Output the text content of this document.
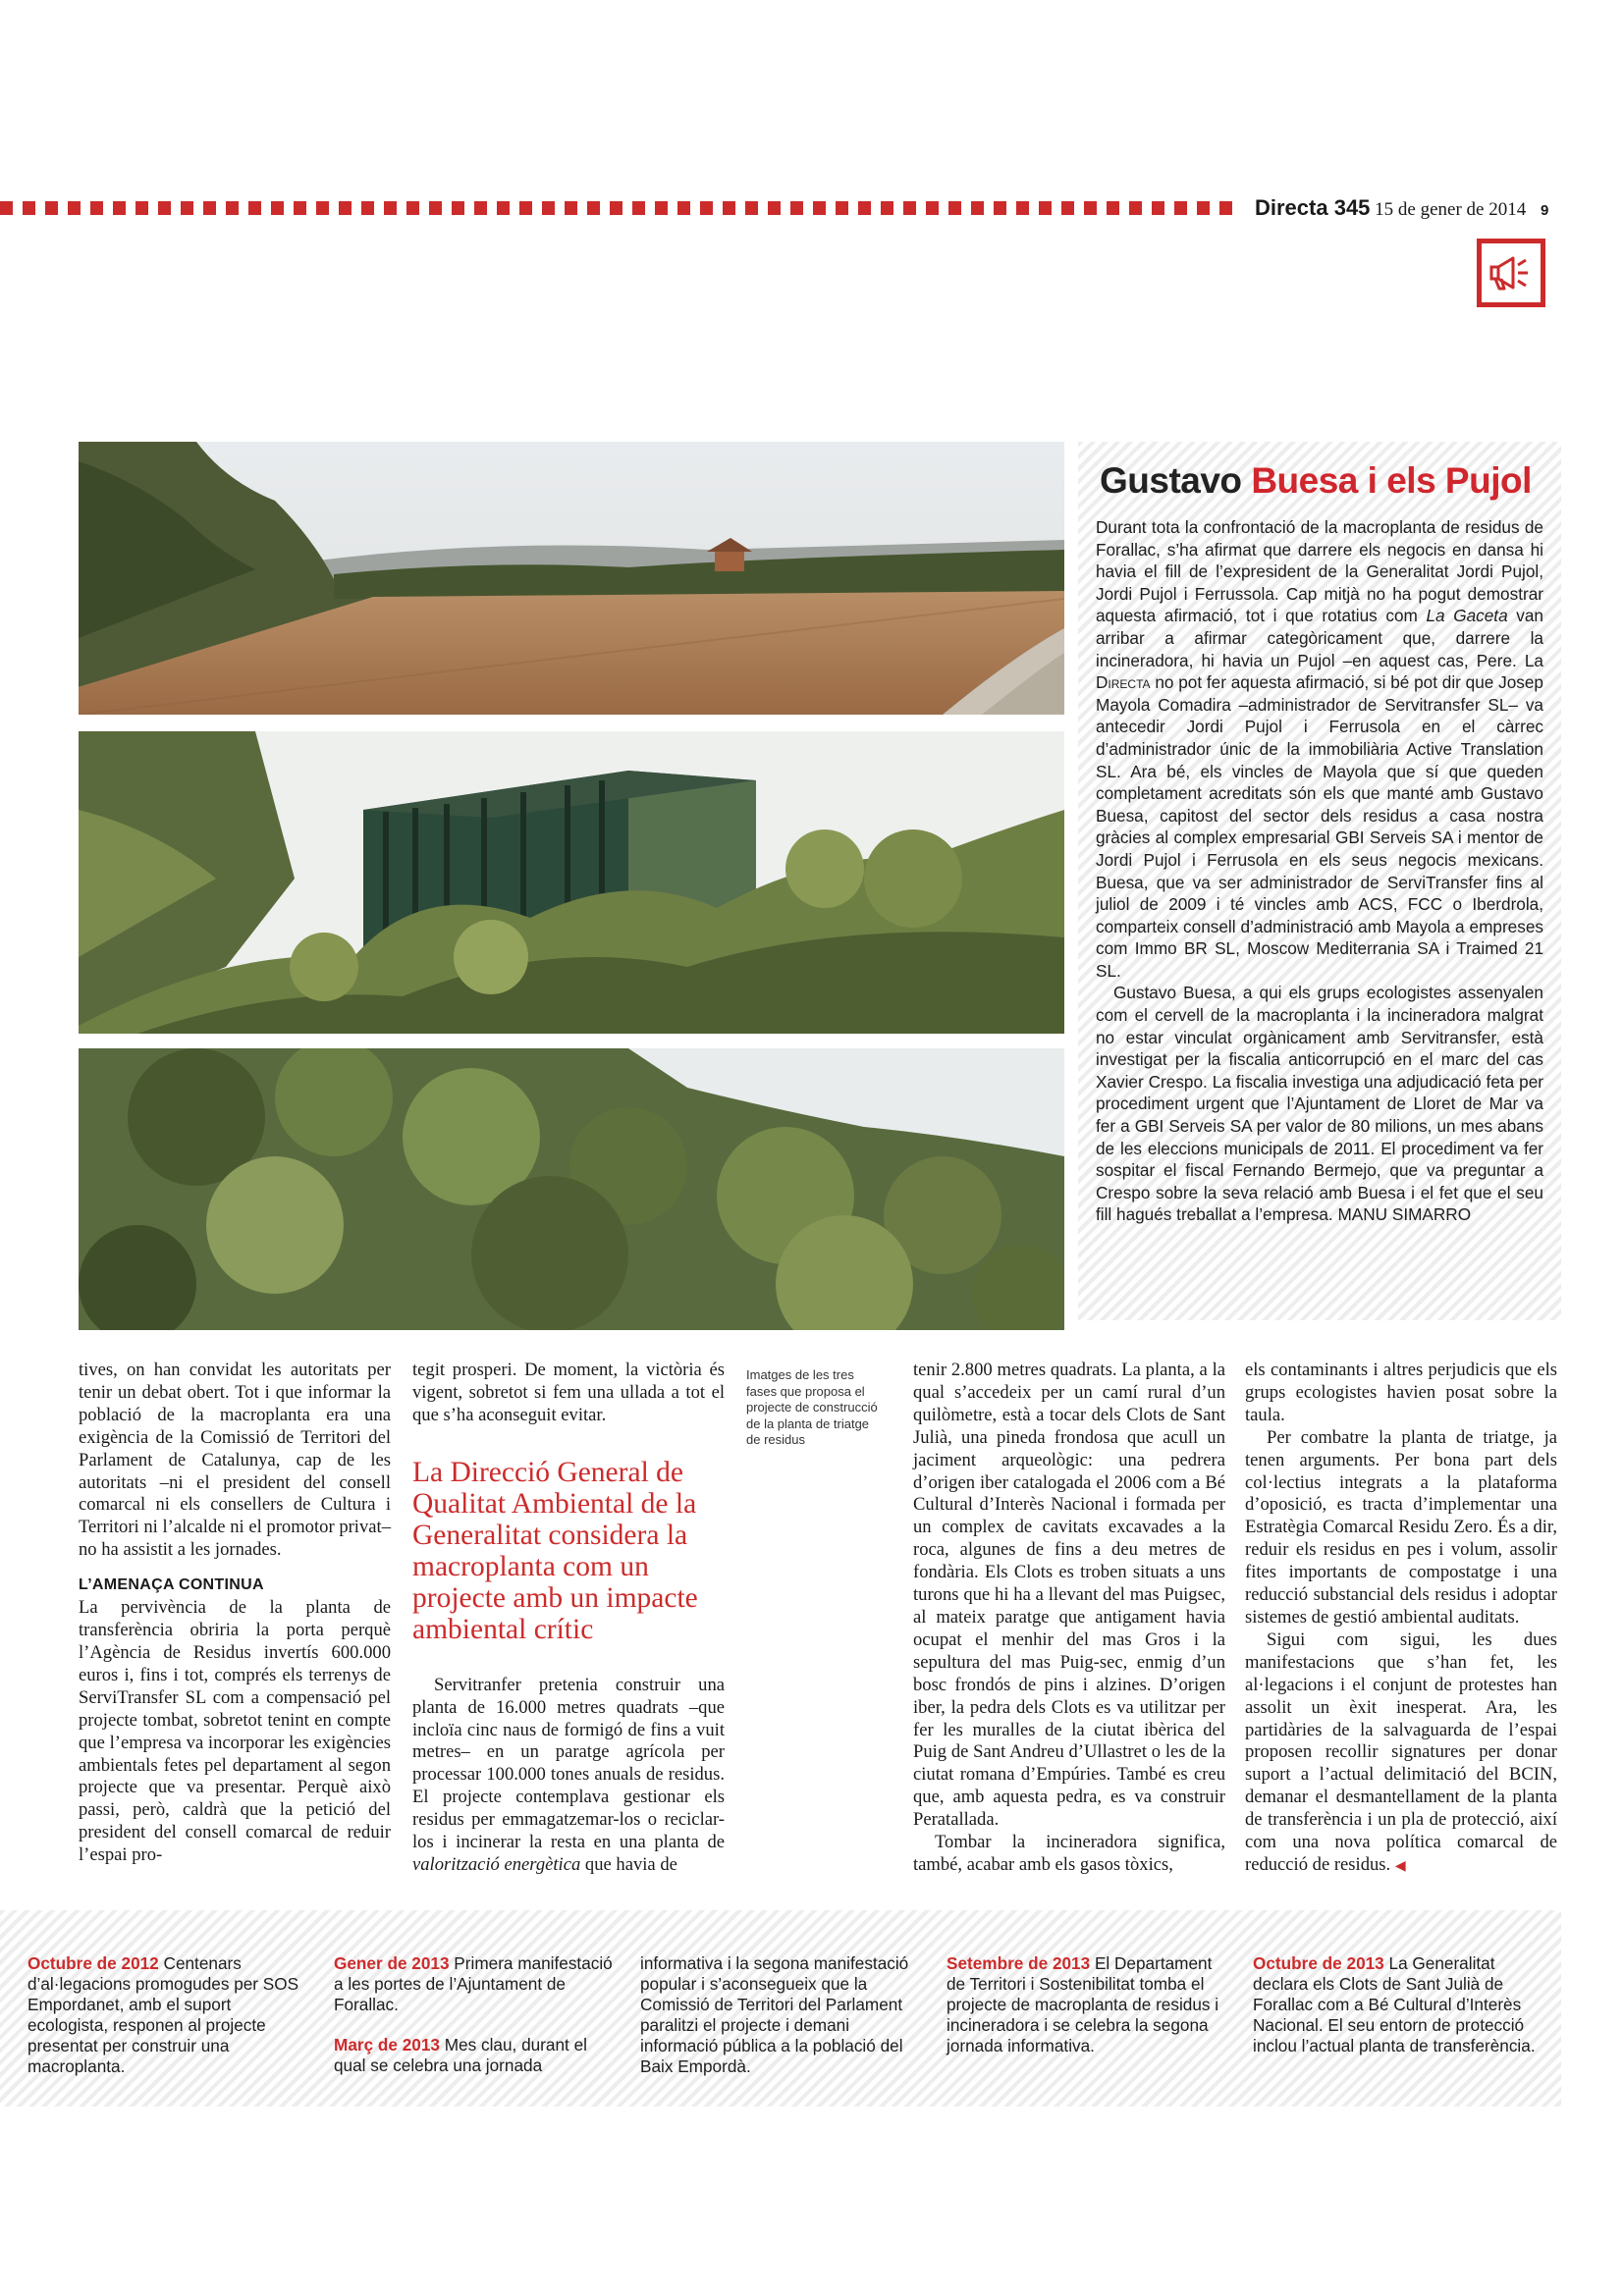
Directa 345 15 de gener de 2014 9
Gustavo Buesa i els Pujol

Durant tota la confrontació de la macroplanta de residus de Forallac, s’ha afirmat que darrere els negocis en dansa hi havia el fill de l’expresident de la Generalitat Jordi Pujol, Jordi Pujol i Ferrussola. Cap mitjà no ha pogut demostrar aquesta afirmació, tot i que rotatius com La Gaceta van arribar a afirmar categòricament que, darrere la incineradora, hi havia un Pujol –en aquest cas, Pere. La Directa no pot fer aquesta afirmació, si bé pot dir que Josep Mayola Comadira –administrador de Servitransfer SL– va antecedir Jordi Pujol i Ferrusola en el càrrec d’administrador únic de la immobiliària Active Translation SL. Ara bé, els vincles de Mayola que sí que queden completament acreditats són els que manté amb Gustavo Buesa, capitost del sector dels residus a casa nostra gràcies al complex empresarial GBI Serveis SA i mentor de Jordi Pujol i Ferrusola en els seus negocis mexicans. Buesa, que va ser administrador de ServiTransfer fins al juliol de 2009 i té vincles amb ACS, FCC o Iberdrola, comparteix consell d’administració amb Mayola a empreses com Immo BR SL, Moscow Mediterrania SA i Traimed 21 SL.

Gustavo Buesa, a qui els grups ecologistes assenyalen com el cervell de la macroplanta i la incineradora malgrat no estar vinculat orgànicament amb Servitransfer, està investigat per la fiscalia anticorrupció en el marc del cas Xavier Crespo. La fiscalia investiga una adjudicació feta per procediment urgent que l’Ajuntament de Lloret de Mar va fer a GBI Serveis SA per valor de 80 milions, un mes abans de les eleccions municipals de 2011. El procediment va fer sospitar el fiscal Fernando Bermejo, que va preguntar a Crespo sobre la seva relació amb Buesa i el fet que el seu fill hagués treballat a l’empresa. MANU SIMARRO

tives, on han convidat les autoritats per tenir un debat obert. Tot i que informar la població de la macroplanta era una exigència de la Comissió de Territori del Parlament de Catalunya, cap de les autoritats –ni el president del consell comarcal ni els consellers de Cultura i Territori ni l’alcalde ni el promotor privat– no ha assistit a les jornades.

L’AMENAÇA CONTINUA

La pervivència de la planta de transferència obriria la porta perquè l’Agència de Residus invertís 600.000 euros i, fins i tot, comprés els terrenys de ServiTransfer SL com a compensació pel projecte tombat, sobretot tenint en compte que l’empresa va incorporar les exigències ambientals fetes pel departament al segon projecte que va presentar. Perquè això passi, però, caldrà que la petició del president del consell comarcal de reduir l’espai pro-

tegit prosperi. De moment, la victòria és vigent, sobretot si fem una ullada a tot el que s’ha aconseguit evitar.

La Direcció General de Qualitat Ambiental de la Generalitat considera la macroplanta com un projecte amb un impacte ambiental crític

Servitranfer pretenia construir una planta de 16.000 metres quadrats –que incloïa cinc naus de formigó de fins a vuit metres– en un paratge agrícola per processar 100.000 tones anuals de residus. El projecte contemplava gestionar els residus per emmagatzemar-los o reciclar-los i incinerar la resta en una planta de valorització energètica que havia de

Imatges de les tres fases que proposa el projecte de construcció de la planta de triatge de residus

tenir 2.800 metres quadrats. La planta, a la qual s’accedeix per un camí rural d’un quilòmetre, està a tocar dels Clots de Sant Julià, una pineda frondosa que acull un jaciment arqueològic: una pedrera d’origen iber catalogada el 2006 com a Bé Cultural d’Interès Nacional i formada per un complex de cavitats excavades a la roca, algunes de fins a deu metres de fondària. Els Clots es troben situats a uns turons que hi ha a llevant del mas Puigsec, al mateix paratge que antigament havia ocupat el menhir del mas Gros i la sepultura del mas Puig-sec, enmig d’un bosc frondós de pins i alzines. D’origen iber, la pedra dels Clots es va utilitzar per fer les muralles de la ciutat ibèrica del Puig de Sant Andreu d’Ullastret o les de la ciutat romana d’Empúries. També es creu que, amb aquesta pedra, es va construir Peratallada.

Tombar la incineradora significa, també, acabar amb els gasos tòxics,

els contaminants i altres perjudicis que els grups ecologistes havien posat sobre la taula.

Per combatre la planta de triatge, ja tenen arguments. Per bona part dels col·lectius integrats a la plataforma d’oposició, es tracta d’implementar una Estratègia Comarcal Residu Zero. És a dir, reduir els residus en pes i volum, assolir fites importants de compostatge i una reducció substancial dels residus i adoptar sistemes de gestió ambiental auditats.

Sigui com sigui, les dues manifestacions que s’han fet, les al·legacions i el conjunt de protestes han assolit un èxit inesperat. Ara, les partidàries de la salvaguarda de l’espai proposen recollir signatures per donar suport a l’actual delimitació del BCIN, demanar el desmantellament de la planta de transferència i un pla de protecció, així com una nova política comarcal de reducció de residus. ◀

Octubre de 2012 Centenars d’al·legacions promogudes per SOS Empordanet, amb el suport ecologista, responen al projecte presentat per construir una macroplanta.

Gener de 2013 Primera manifestació a les portes de l’Ajuntament de Forallac.

Març de 2013 Mes clau, durant el qual se celebra una jornada

informativa i la segona manifestació popular i s’aconsegueix que la Comissió de Territori del Parlament paralitzi el projecte i demani informació pública a la població del Baix Empordà.

Setembre de 2013 El Departament de Territori i Sostenibilitat tomba el projecte de macroplanta de residus i incineradora i se celebra la segona jornada informativa.

Octubre de 2013 La Generalitat declara els Clots de Sant Julià de Forallac com a Bé Cultural d’Interès Nacional. El seu entorn de protecció inclou l’actual planta de transferència.
